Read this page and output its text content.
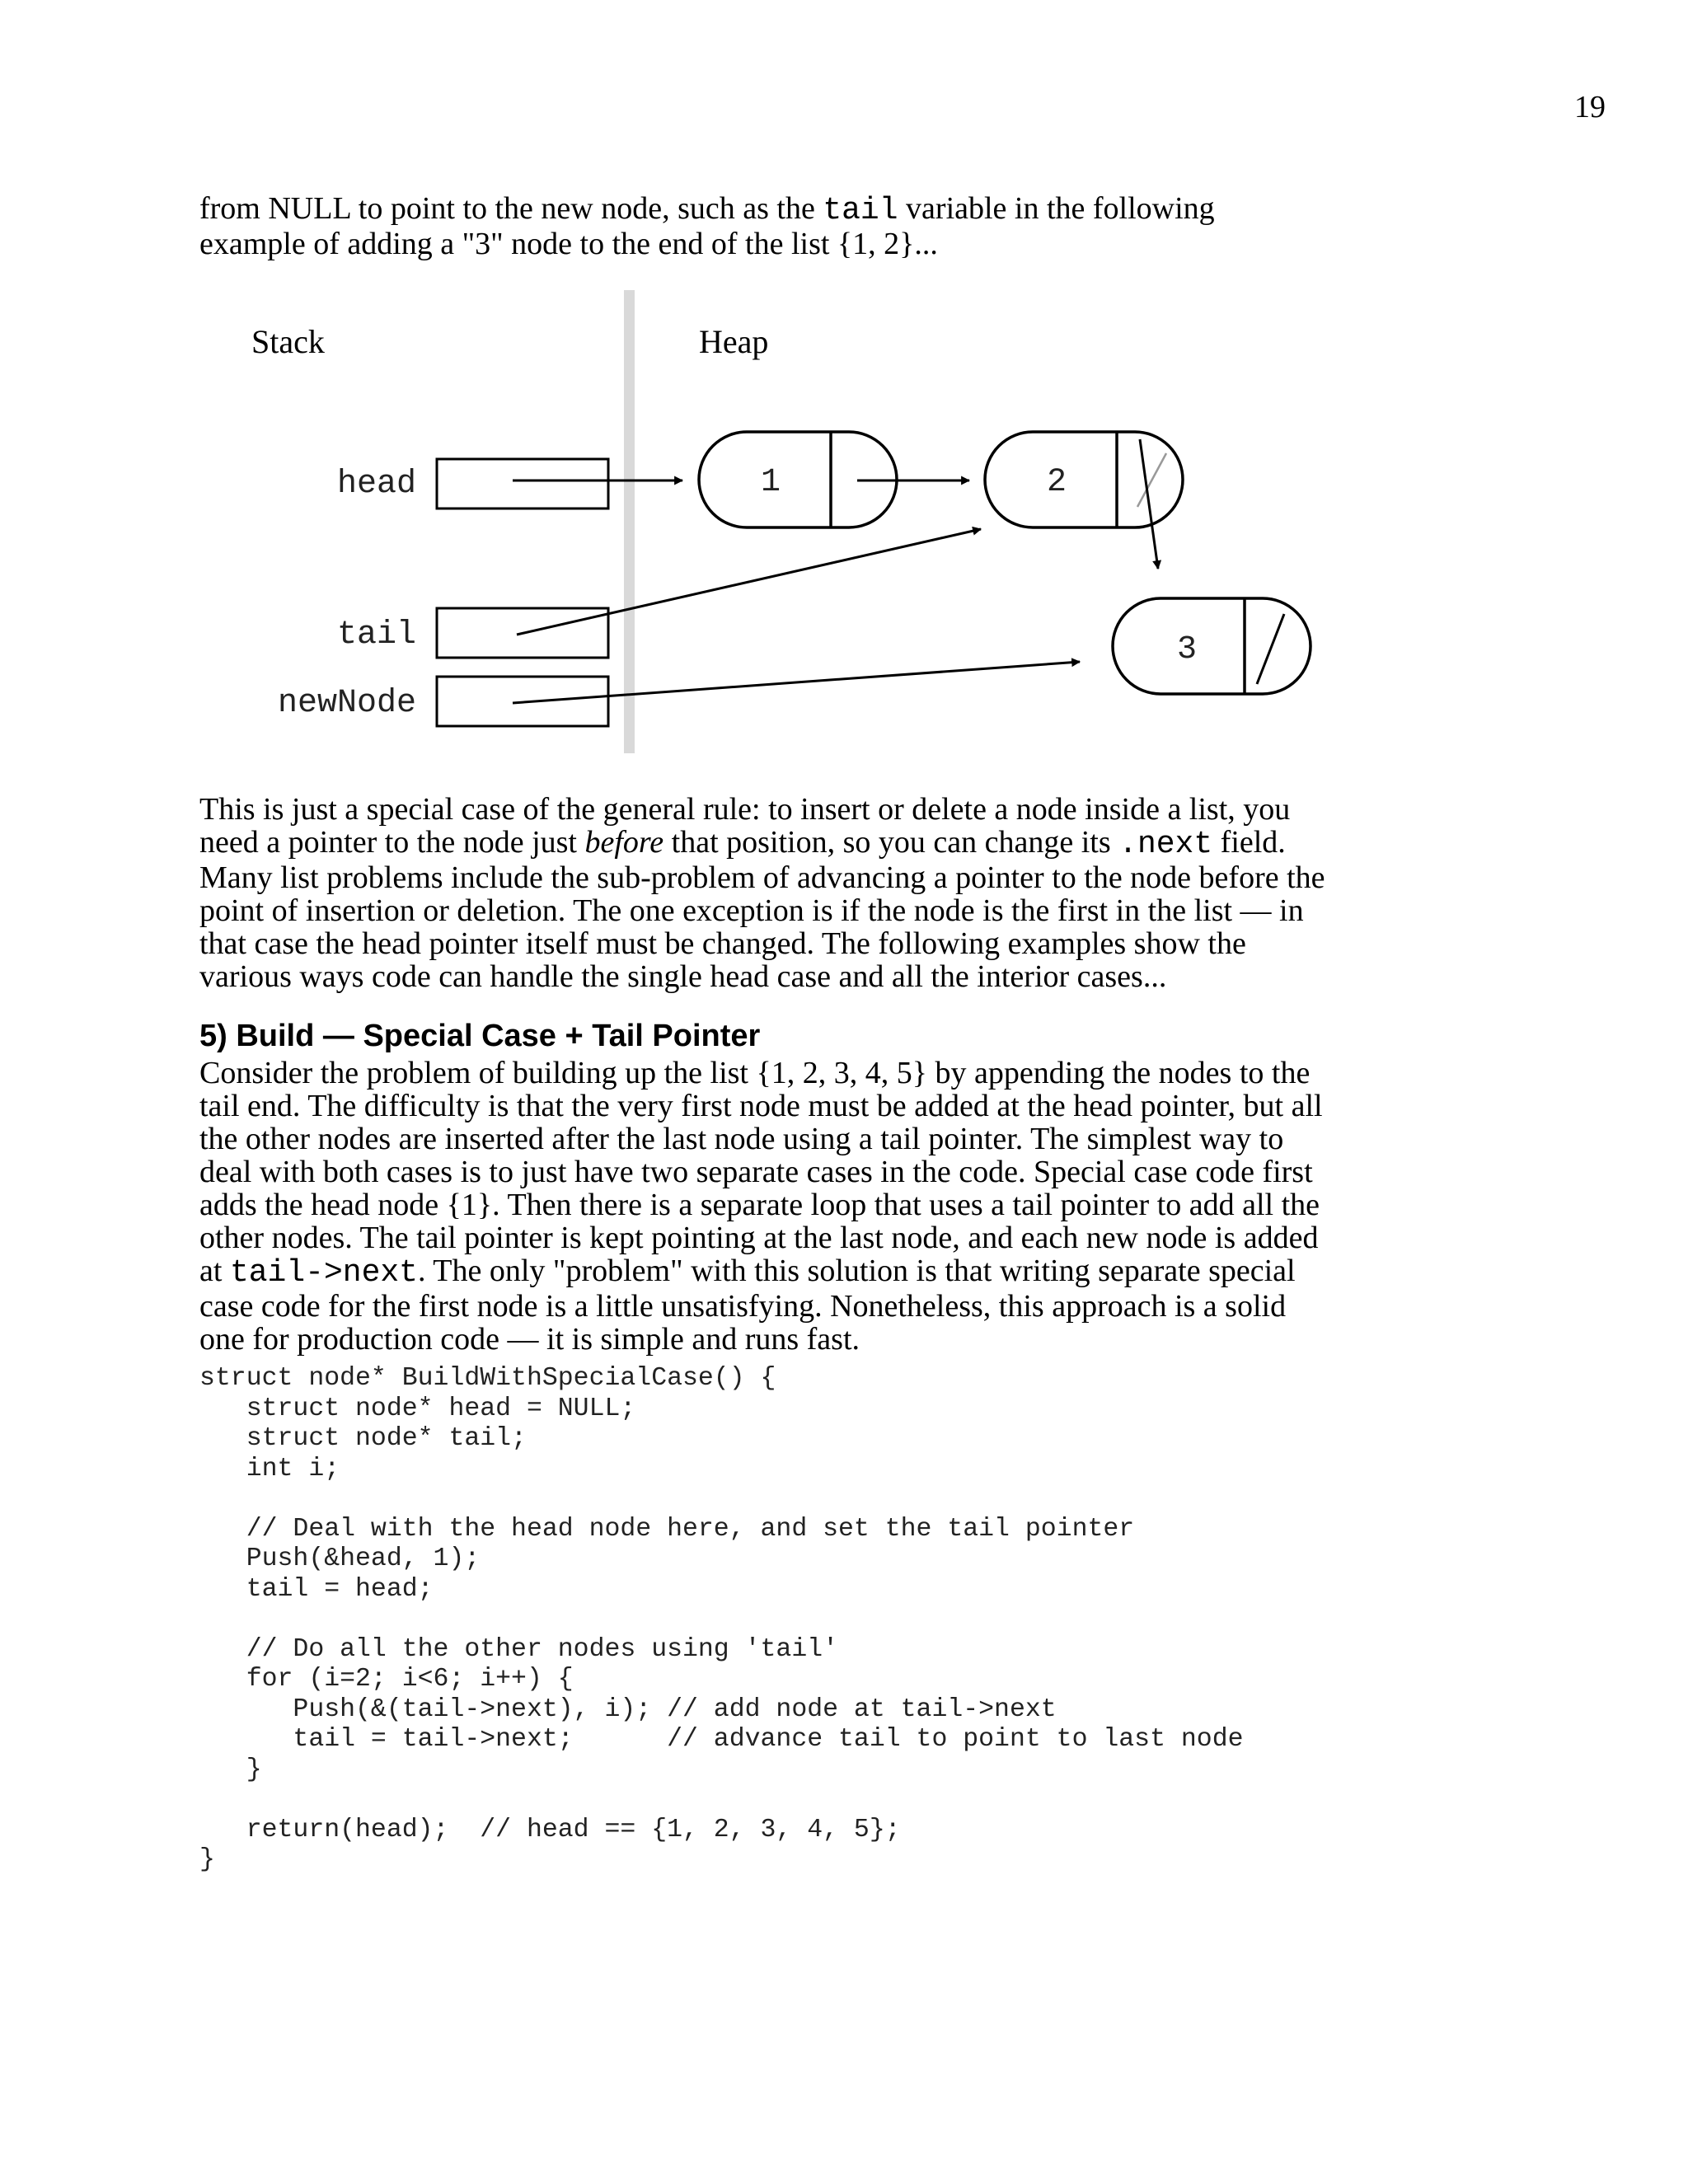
19

from NULL to point to the new node, such as the tail variable in the following
example of adding a "3" node to the end of the list {1, 2}...

Stack	Heap
head
tail
newNode
1	2
3

This is just a special case of the general rule: to insert or delete a node inside a list, you
need a pointer to the node just before that position, so you can change its .next field.
Many list problems include the sub-problem of advancing a pointer to the node before the
point of insertion or deletion. The one exception is if the node is the first in the list — in
that case the head pointer itself must be changed. The following examples show the
various ways code can handle the single head case and all the interior cases...

5) Build — Special Case + Tail Pointer

Consider the problem of building up the list {1, 2, 3, 4, 5} by appending the nodes to the
tail end. The difficulty is that the very first node must be added at the head pointer, but all
the other nodes are inserted after the last node using a tail pointer. The simplest way to
deal with both cases is to just have two separate cases in the code. Special case code first
adds the head node {1}. Then there is a separate loop that uses a tail pointer to add all the
other nodes. The tail pointer is kept pointing at the last node, and each new node is added
at tail->next. The only "problem" with this solution is that writing separate special
case code for the first node is a little unsatisfying. Nonetheless, this approach is a solid
one for production code — it is simple and runs fast.

struct node* BuildWithSpecialCase() {
struct node* head = NULL;
struct node* tail;
int i;
// Deal with the head node here, and set the tail pointer
Push(&head, 1);
tail = head;
// Do all the other nodes using 'tail'
for (i=2; i<6; i++) {
Push(&(tail->next), i); // add node at tail->next
tail = tail->next;      // advance tail to point to last node
}
return(head);  // head == {1, 2, 3, 4, 5};
}
